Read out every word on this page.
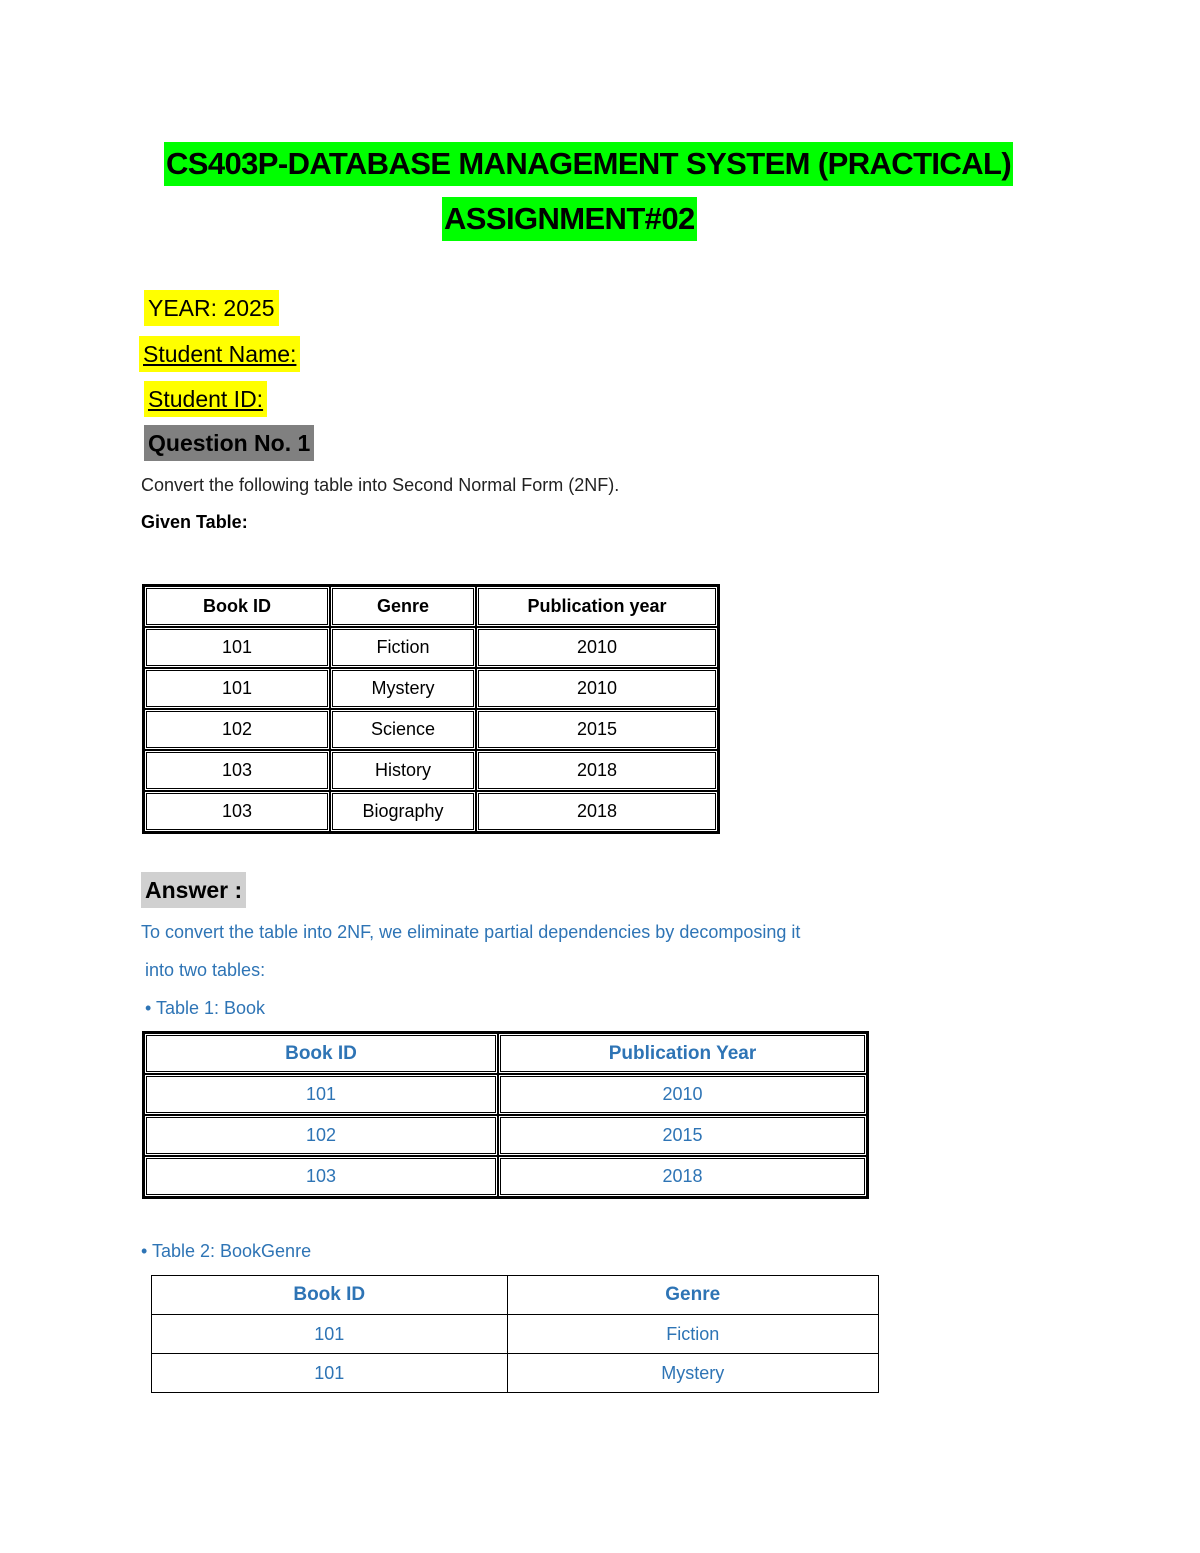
CS403P-DATABASE MANAGEMENT SYSTEM (PRACTICAL)
ASSIGNMENT#02
YEAR: 2025
Student Name:
Student ID:
Question No. 1
Convert the following table into Second Normal Form (2NF).
Given Table:
Book ID	Genre	Publication year
101	Fiction	2010
101	Mystery	2010
102	Science	2015
103	History	2018
103	Biography	2018
Answer :
To convert the table into 2NF, we eliminate partial dependencies by decomposing it
into two tables:
• Table 1: Book
Book ID	Publication Year
101	2010
102	2015
103	2018
• Table 2: BookGenre
Book ID	Genre
101	Fiction
101	Mystery
